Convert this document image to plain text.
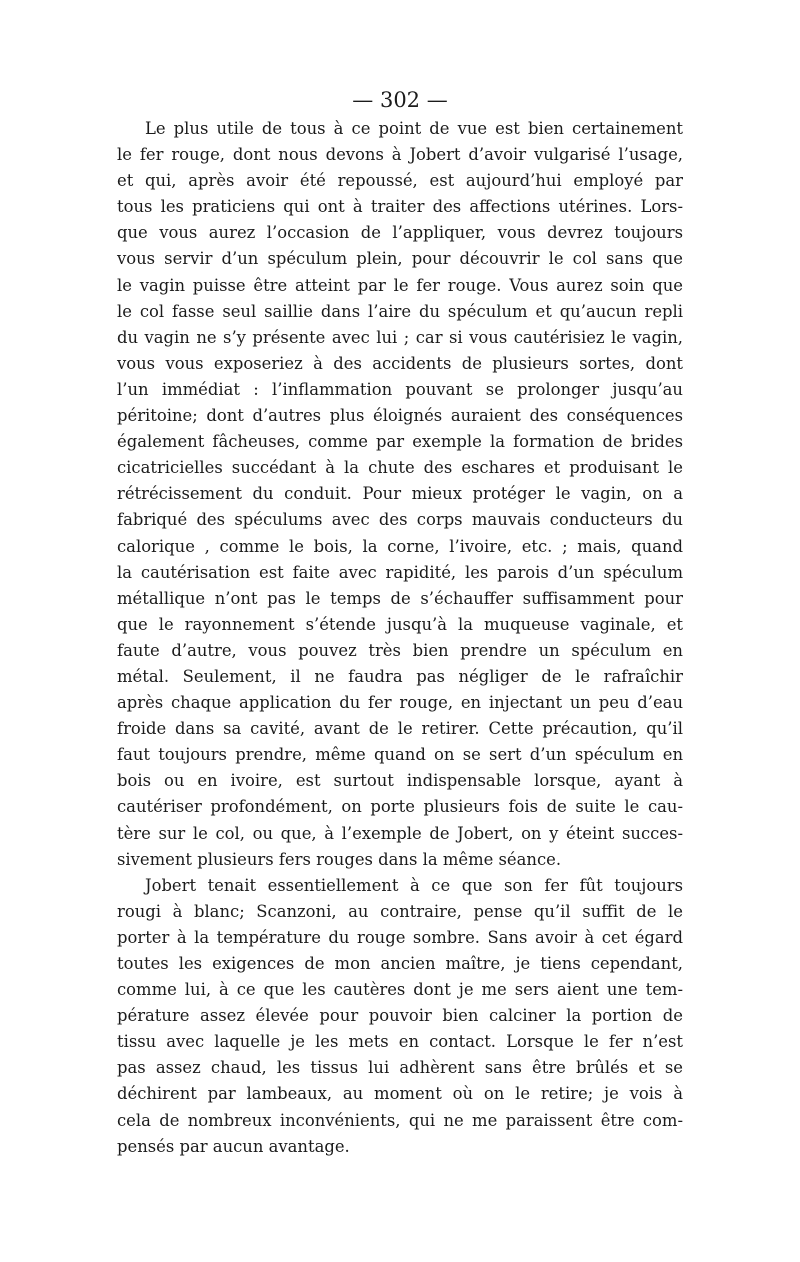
— 302 —

Le plus utile de tous à ce point de vue est bien certainement
le fer rouge, dont nous devons à Jobert d’avoir vulgarisé l’usage,
et qui, après avoir été repoussé, est aujourd’hui employé par
tous les praticiens qui ont à traiter des affections utérines. Lors-
que vous aurez l’occasion de l’appliquer, vous devrez toujours
vous servir d’un spéculum plein, pour découvrir le col sans que
le vagin puisse être atteint par le fer rouge. Vous aurez soin que
le col fasse seul saillie dans l’aire du spéculum et qu’aucun repli
du vagin ne s’y présente avec lui ; car si vous cautérisiez le vagin,
vous vous exposeriez à des accidents de plusieurs sortes, dont
l’un immédiat : l’inflammation pouvant se prolonger jusqu’au
péritoine; dont d’autres plus éloignés auraient des conséquences
également fâcheuses, comme par exemple la formation de brides
cicatricielles succédant à la chute des eschares et produisant le
rétrécissement du conduit. Pour mieux protéger le vagin, on a
fabriqué des spéculums avec des corps mauvais conducteurs du
calorique , comme le bois, la corne, l’ivoire, etc. ; mais, quand
la cautérisation est faite avec rapidité, les parois d’un spéculum
métallique n’ont pas le temps de s’échauffer suffisamment pour
que le rayonnement s’étende jusqu’à la muqueuse vaginale, et
faute d’autre, vous pouvez très bien prendre un spéculum en
métal. Seulement, il ne faudra pas négliger de le rafraîchir
après chaque application du fer rouge, en injectant un peu d’eau
froide dans sa cavité, avant de le retirer. Cette précaution, qu’il
faut toujours prendre, même quand on se sert d’un spéculum en
bois ou en ivoire, est surtout indispensable lorsque, ayant à
cautériser profondément, on porte plusieurs fois de suite le cau-
tère sur le col, ou que, à l’exemple de Jobert, on y éteint succes-
sivement plusieurs fers rouges dans la même séance.

Jobert tenait essentiellement à ce que son fer fût toujours
rougi à blanc; Scanzoni, au contraire, pense qu’il suffit de le
porter à la température du rouge sombre. Sans avoir à cet égard
toutes les exigences de mon ancien maître, je tiens cependant,
comme lui, à ce que les cautères dont je me sers aient une tem-
pérature assez élevée pour pouvoir bien calciner la portion de
tissu avec laquelle je les mets en contact. Lorsque le fer n’est
pas assez chaud, les tissus lui adhèrent sans être brûlés et se
déchirent par lambeaux, au moment où on le retire; je vois à
cela de nombreux inconvénients, qui ne me paraissent être com-
pensés par aucun avantage.
